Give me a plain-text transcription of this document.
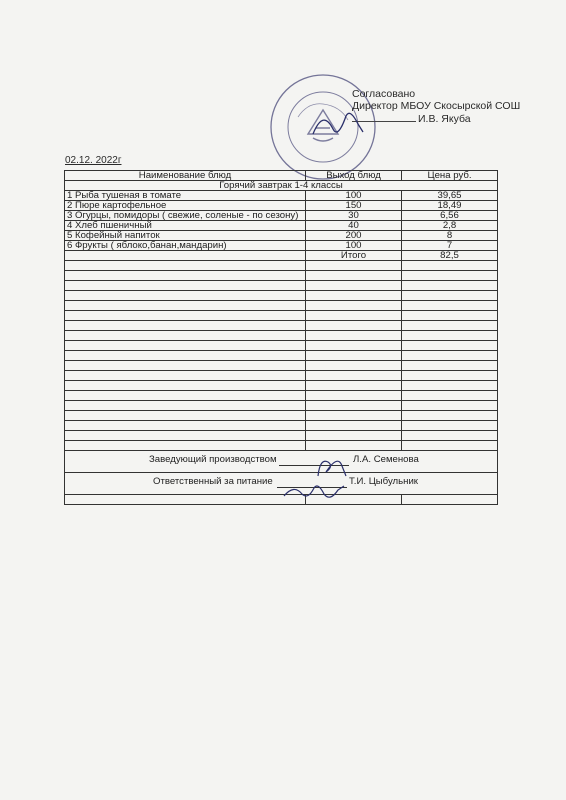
Согласовано
Директор МБОУ Скосырской СОШ
И.В. Якуба
02.12. 2022г
Наименование блюд	Выход блюд	Цена руб.
Горячий завтрак 1-4 классы		
1 Рыба тушеная в томате	100	39,65
2 Пюре картофельное	150	18,49
3 Огурцы, помидоры ( свежие, соленые - по сезону)	30	6,56
4 Хлеб пшеничный	40	2,8
5 Кофейный напиток	200	8
6 Фрукты ( яблоко,банан,мандарин)	100	7
	Итого	82,5

Заведующий производством Л.А. Семенова		

Ответственный за питание Т.И. Цыбульник		
